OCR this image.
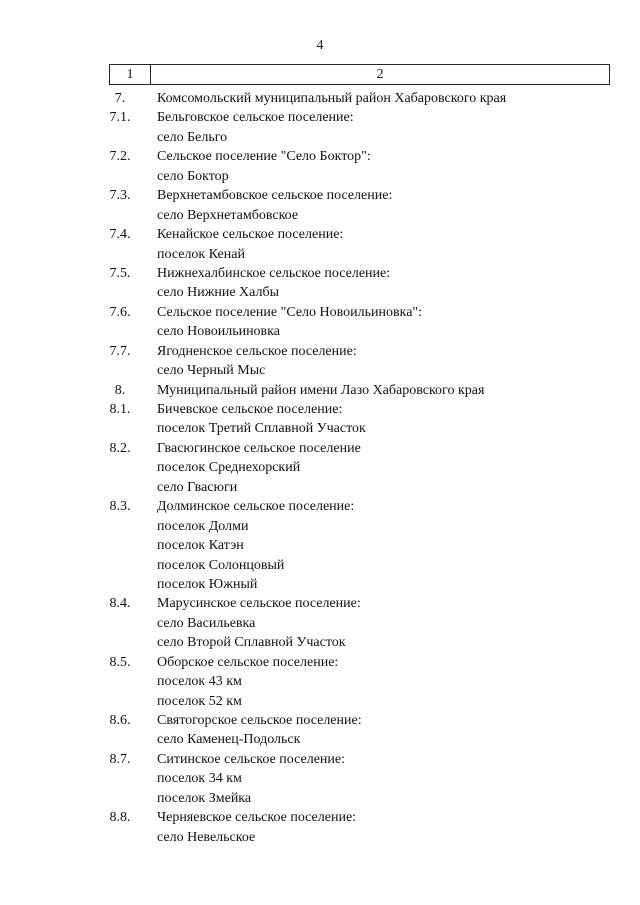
4
1	2
7.	Комсомольский муниципальный район Хабаровского края
7.1.	Бельговское сельское поселение:
село Бельго
7.2.	Сельское поселение "Село Боктор":
село Боктор
7.3.	Верхнетамбовское сельское поселение:
село Верхнетамбовское
7.4.	Кенайское сельское поселение:
поселок Кенай
7.5.	Нижнехалбинское сельское поселение:
село Нижние Халбы
7.6.	Сельское поселение "Село Новоильиновка":
село Новоильиновка
7.7.	Ягодненское сельское поселение:
село Черный Мыс
8.	Муниципальный район имени Лазо Хабаровского края
8.1.	Бичевское сельское поселение:
поселок Третий Сплавной Участок
8.2.	Гвасюгинское сельское поселение
поселок Среднехорский
село Гвасюги
8.3.	Долминское сельское поселение:
поселок Долми
поселок Катэн
поселок Солонцовый
поселок Южный
8.4.	Марусинское сельское поселение:
село Васильевка
село Второй Сплавной Участок
8.5.	Оборское сельское поселение:
поселок 43 км
поселок 52 км
8.6.	Святогорское сельское поселение:
село Каменец-Подольск
8.7.	Ситинское сельское поселение:
поселок 34 км
поселок Змейка
8.8.	Черняевское сельское поселение:
село Невельское
